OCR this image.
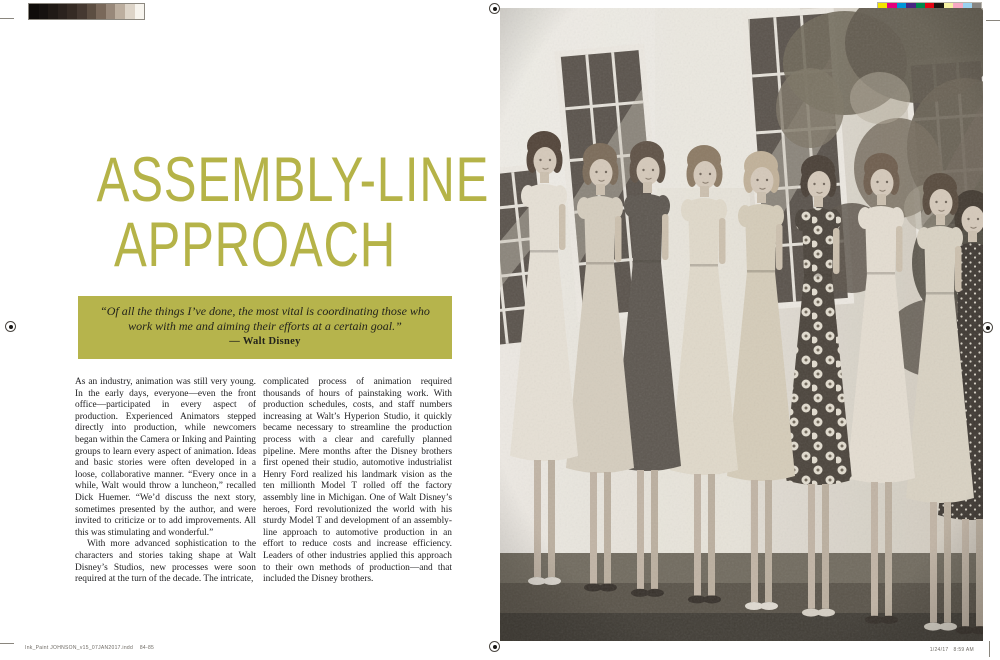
ASSEMBLY-LINE
APPROACH

“Of all the things I’ve done, the most vital is coordinating those who work with me and aiming their efforts at a certain goal.”

— Walt Disney

As an industry, animation was still very young. In the early days, everyone—even the front office—participated in every aspect of production. Experienced Animators stepped directly into production, while newcomers began within the Camera or Inking and Painting groups to learn every aspect of animation. Ideas and basic stories were often developed in a loose, collaborative manner. “Every once in a while, Walt would throw a luncheon,” recalled Dick Huemer. “We’d discuss the next story, sometimes presented by the author, and were invited to criticize or to add improvements. All this was stimulating and wonderful.”

With more advanced sophistication to the characters and stories taking shape at Walt Disney’s Studios, new processes were soon required at the turn of the decade. The intricate,

complicated process of animation required thousands of hours of painstaking work. With production schedules, costs, and staff numbers increasing at Walt’s Hyperion Studio, it quickly became necessary to streamline the production process with a clear and carefully planned pipeline. Mere months after the Disney brothers first opened their studio, automotive industrialist Henry Ford realized his landmark vision as the ten millionth Model T rolled off the factory assembly line in Michigan. One of Walt Disney’s heroes, Ford revolutionized the world with his sturdy Model T and development of an assembly-line approach to automotive production in an effort to reduce costs and increase efficiency. Leaders of other industries applied this approach to their own methods of production—and that included the Disney brothers.

Ink_Paint JOHNSON_v15_07JAN2017.indd    84-85	1/24/17   8:59 AM
